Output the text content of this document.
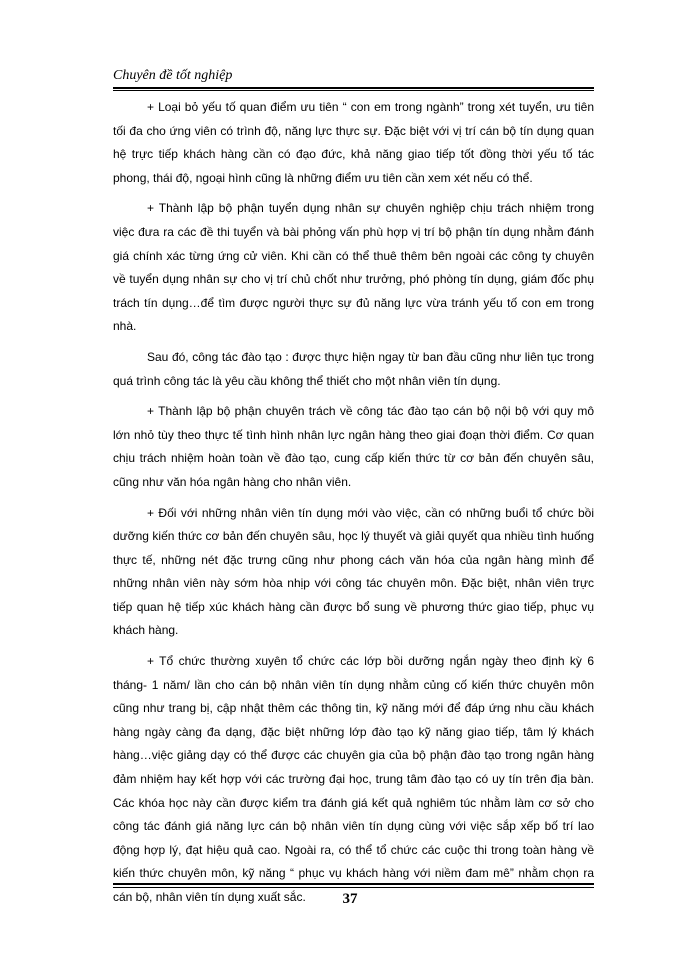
Chuyên đề tốt nghiệp

+ Loại bỏ yếu tố quan điểm ưu tiên “ con em trong ngành” trong xét tuyển, ưu tiên tối đa cho ứng viên có trình độ, năng lực thực sự. Đặc biệt với vị trí cán bộ tín dụng quan hệ trực tiếp khách hàng cần có đạo đức, khả năng giao tiếp tốt đồng thời yếu tố tác phong, thái độ, ngoại hình cũng là những điểm ưu tiên cần xem xét nếu có thể.

+ Thành lập bộ phận tuyển dụng nhân sự chuyên nghiệp chịu trách nhiệm trong việc đưa ra các đề thi tuyển và bài phỏng vấn phù hợp vị trí bộ phận tín dụng nhằm đánh giá chính xác từng ứng cử viên. Khi cần có thể thuê thêm bên ngoài các công ty chuyên về tuyển dụng nhân sự cho vị trí chủ chốt như trưởng, phó phòng tín dụng, giám đốc phụ trách tín dụng…để tìm được người thực sự đủ năng lực vừa tránh yếu tố con em trong nhà.

Sau đó, công tác đào tạo : được thực hiện ngay từ ban đầu cũng như liên tục trong quá trình công tác là yêu cầu không thể thiết cho một nhân viên tín dụng.

+ Thành lập bộ phận chuyên trách về công tác đào tạo cán bộ nội bộ với quy mô lớn nhỏ tùy theo thực tế tình hình nhân lực ngân hàng theo giai đoạn thời điểm. Cơ quan chịu trách nhiệm hoàn toàn về đào tạo, cung cấp kiến thức từ cơ bản đến chuyên sâu, cũng như văn hóa ngân hàng cho nhân viên.

+ Đối với những nhân viên tín dụng mới vào việc, cần có những buổi tổ chức bồi dưỡng kiến thức cơ bản đến chuyên sâu, học lý thuyết và giải quyết qua nhiều tình huống thực tế, những nét đặc trưng cũng như phong cách văn hóa của ngân hàng mình để những nhân viên này sớm hòa nhịp với công tác chuyên môn. Đặc biệt, nhân viên trực tiếp quan hệ tiếp xúc khách hàng cần được bổ sung về phương thức giao tiếp, phục vụ khách hàng.

+ Tổ chức thường xuyên tổ chức các lớp bồi dưỡng ngắn ngày theo định kỳ 6 tháng- 1 năm/ lần cho cán bộ nhân viên tín dụng nhằm củng cố kiến thức chuyên môn cũng như trang bị, cập nhật thêm các thông tin, kỹ năng mới để đáp ứng nhu cầu khách hàng ngày càng đa dạng, đặc biệt những lớp đào tạo kỹ năng giao tiếp, tâm lý khách hàng…việc giảng dạy có thể được các chuyên gia của bộ phận đào tạo trong ngân hàng đảm nhiệm hay kết hợp với các trường đại học, trung tâm đào tạo có uy tín trên địa bàn. Các khóa học này cần được kiểm tra đánh giá kết quả nghiêm túc nhằm làm cơ sở cho công tác đánh giá năng lực cán bộ nhân viên tín dụng cùng với việc sắp xếp bố trí lao động hợp lý, đạt hiệu quả cao. Ngoài ra, có thể tổ chức các cuộc thi trong toàn hàng về kiến thức chuyên môn, kỹ năng “ phục vụ khách hàng với niềm đam mê” nhằm chọn ra cán bộ, nhân viên tín dụng xuất sắc.	37
